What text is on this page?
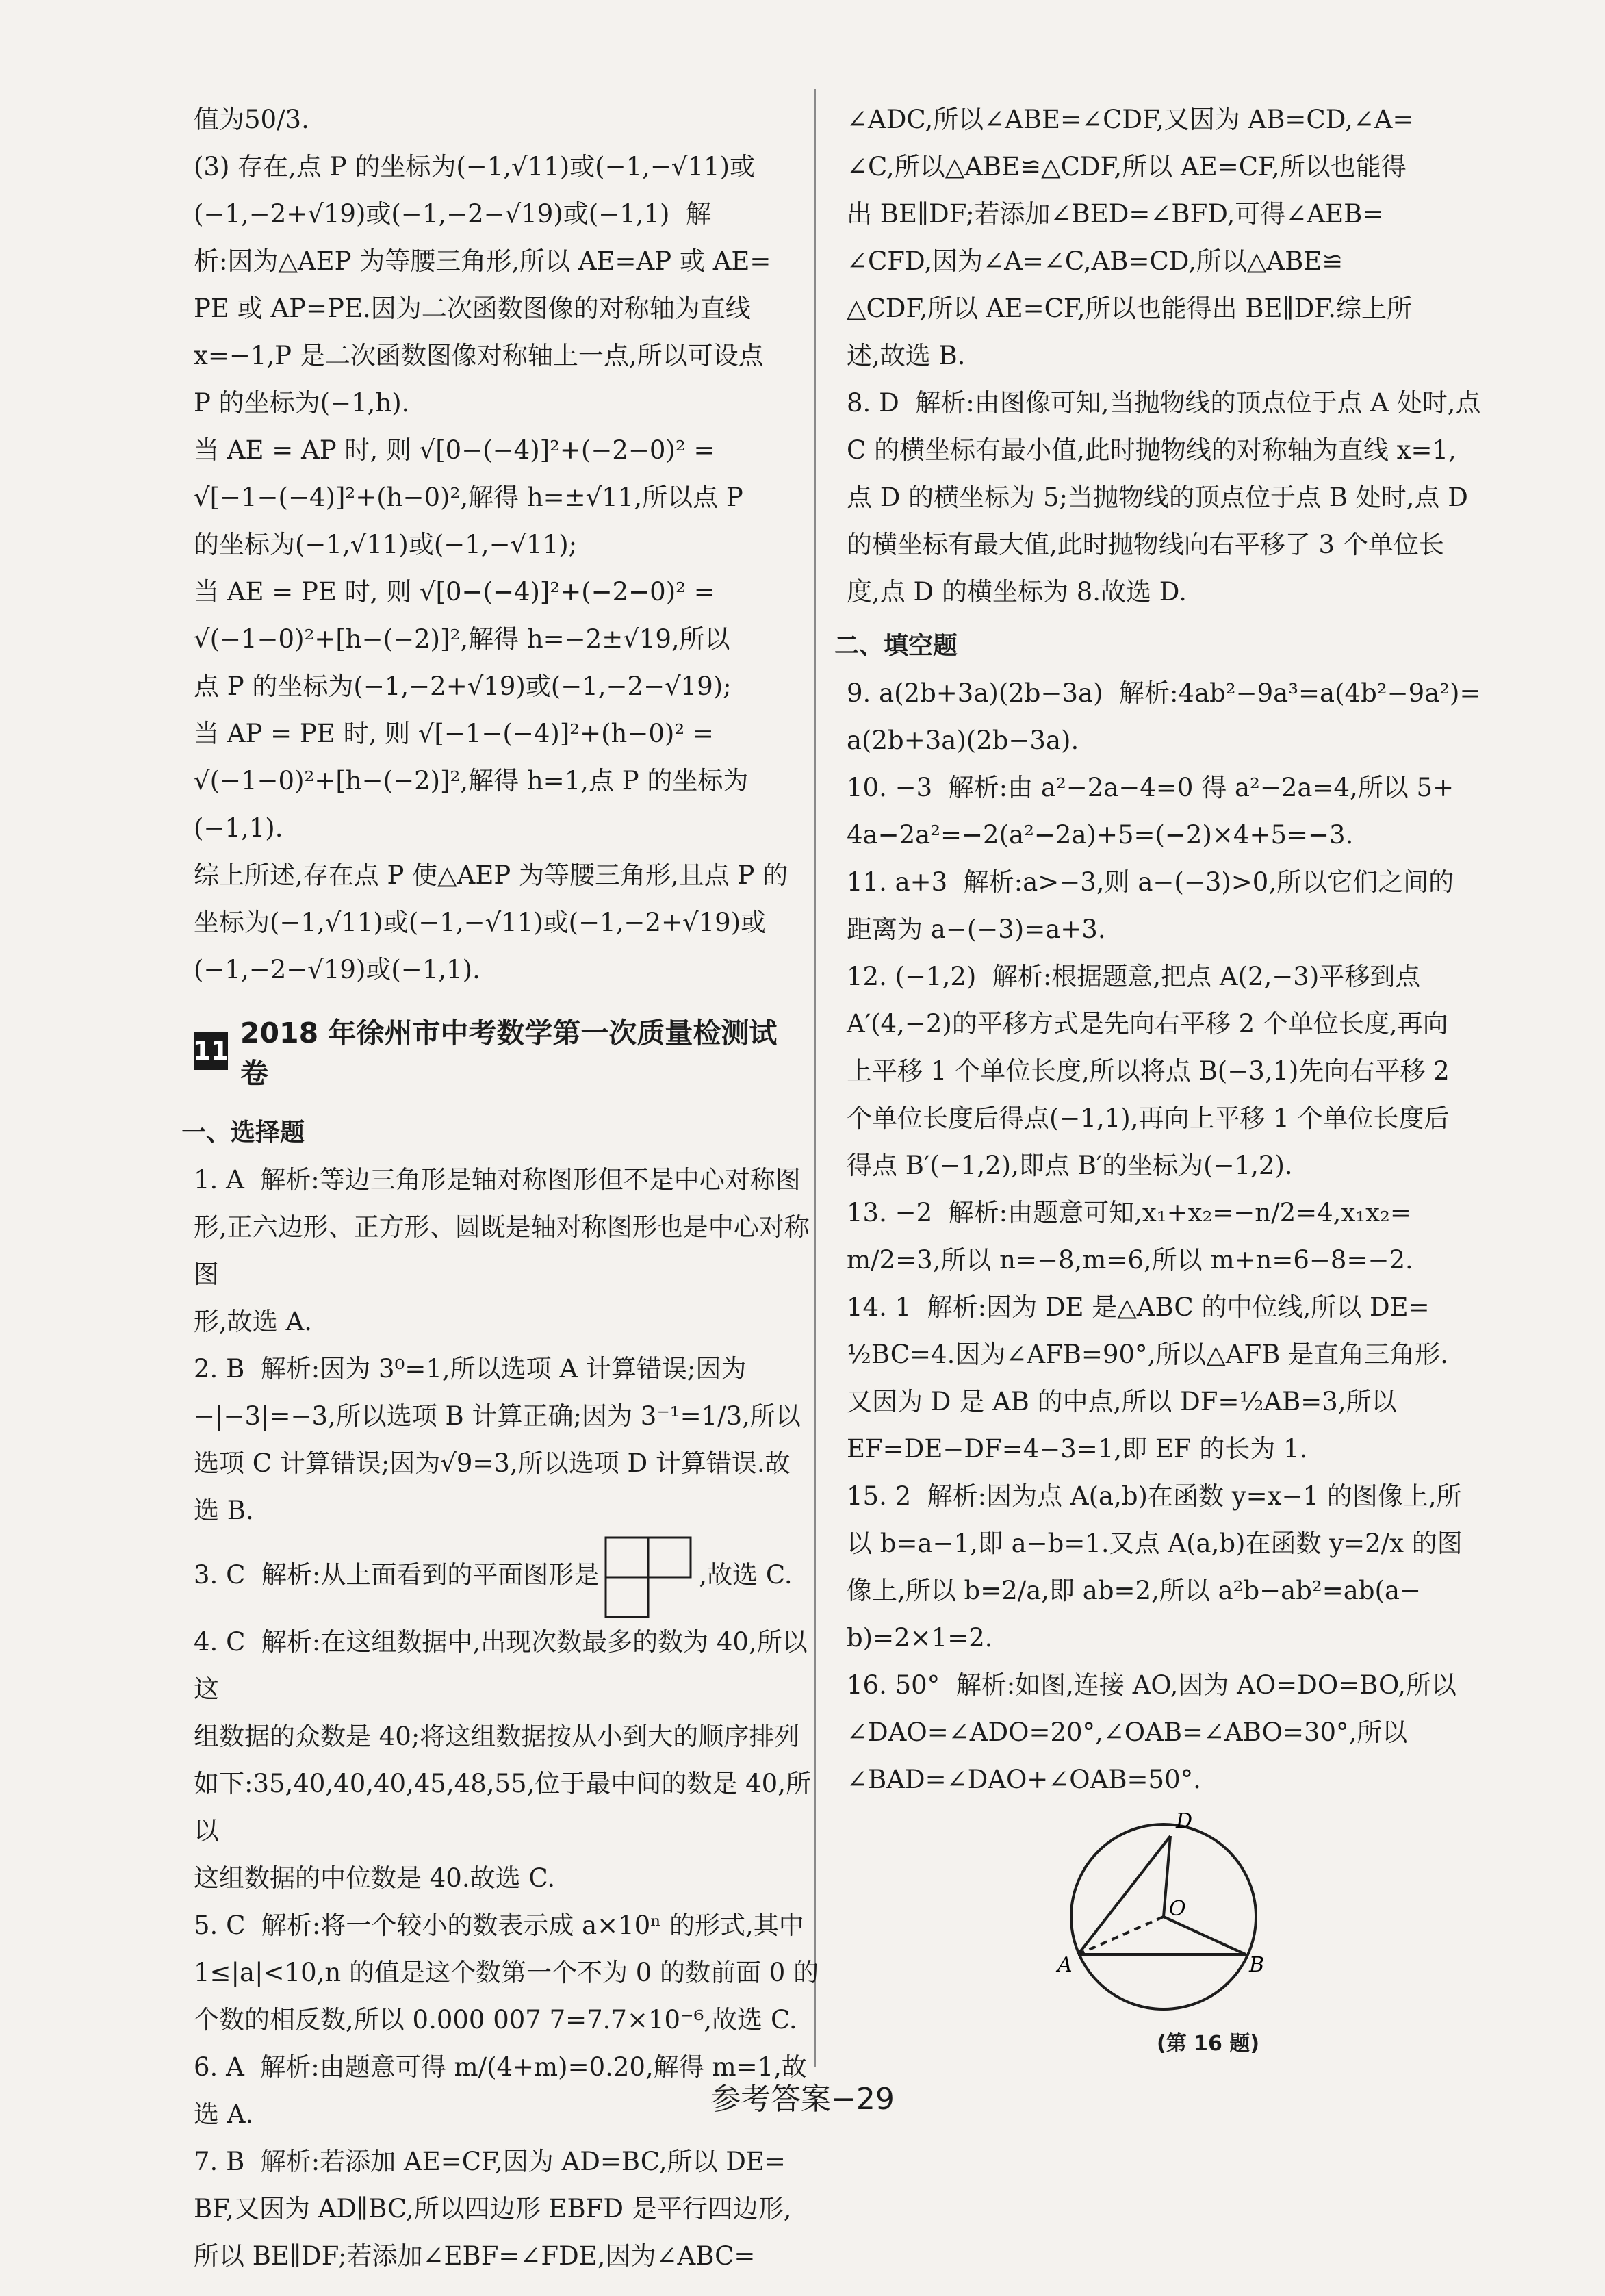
值为50/3.

(3) 存在,点 P 的坐标为(−1,√11)或(−1,−√11)或

(−1,−2+√19)或(−1,−2−√19)或(−1,1)  解

析:因为△AEP 为等腰三角形,所以 AE=AP 或 AE=

PE 或 AP=PE.因为二次函数图像的对称轴为直线

x=−1,P 是二次函数图像对称轴上一点,所以可设点

P 的坐标为(−1,h).

当 AE = AP 时, 则 √[0−(−4)]²+(−2−0)² =

√[−1−(−4)]²+(h−0)²,解得 h=±√11,所以点 P

的坐标为(−1,√11)或(−1,−√11);

当 AE = PE 时, 则 √[0−(−4)]²+(−2−0)² =

√(−1−0)²+[h−(−2)]²,解得 h=−2±√19,所以

点 P 的坐标为(−1,−2+√19)或(−1,−2−√19);

当 AP = PE 时, 则 √[−1−(−4)]²+(h−0)² =

√(−1−0)²+[h−(−2)]²,解得 h=1,点 P 的坐标为

(−1,1).

综上所述,存在点 P 使△AEP 为等腰三角形,且点 P 的

坐标为(−1,√11)或(−1,−√11)或(−1,−2+√19)或

(−1,−2−√19)或(−1,1).

11
2018 年徐州市中考数学第一次质量检测试卷
一、选择题

1. A  解析:等边三角形是轴对称图形但不是中心对称图

形,正六边形、正方形、圆既是轴对称图形也是中心对称图

形,故选 A.

2. B  解析:因为 3⁰=1,所以选项 A 计算错误;因为

−|−3|=−3,所以选项 B 计算正确;因为 3⁻¹=1/3,所以

选项 C 计算错误;因为√9=3,所以选项 D 计算错误.故

选 B.

3. C  解析:从上面看到的平面图形是	,故选 C.

4. C  解析:在这组数据中,出现次数最多的数为 40,所以这

组数据的众数是 40;将这组数据按从小到大的顺序排列

如下:35,40,40,40,45,48,55,位于最中间的数是 40,所以

这组数据的中位数是 40.故选 C.

5. C  解析:将一个较小的数表示成 a×10ⁿ 的形式,其中

1≤|a|<10,n 的值是这个数第一个不为 0 的数前面 0 的

个数的相反数,所以 0.000 007 7=7.7×10⁻⁶,故选 C.

6. A  解析:由题意可得 m/(4+m)=0.20,解得 m=1,故选 A.

7. B  解析:若添加 AE=CF,因为 AD=BC,所以 DE=

BF,又因为 AD∥BC,所以四边形 EBFD 是平行四边形,

所以 BE∥DF;若添加∠EBF=∠FDE,因为∠ABC=

∠ADC,所以∠ABE=∠CDF,又因为 AB=CD,∠A=

∠C,所以△ABE≌△CDF,所以 AE=CF,所以也能得

出 BE∥DF;若添加∠BED=∠BFD,可得∠AEB=

∠CFD,因为∠A=∠C,AB=CD,所以△ABE≌

△CDF,所以 AE=CF,所以也能得出 BE∥DF.综上所

述,故选 B.

8. D  解析:由图像可知,当抛物线的顶点位于点 A 处时,点

C 的横坐标有最小值,此时抛物线的对称轴为直线 x=1,

点 D 的横坐标为 5;当抛物线的顶点位于点 B 处时,点 D

的横坐标有最大值,此时抛物线向右平移了 3 个单位长

度,点 D 的横坐标为 8.故选 D.

二、填空题

9. a(2b+3a)(2b−3a)  解析:4ab²−9a³=a(4b²−9a²)=

a(2b+3a)(2b−3a).

10. −3  解析:由 a²−2a−4=0 得 a²−2a=4,所以 5+

4a−2a²=−2(a²−2a)+5=(−2)×4+5=−3.

11. a+3  解析:a>−3,则 a−(−3)>0,所以它们之间的

距离为 a−(−3)=a+3.

12. (−1,2)  解析:根据题意,把点 A(2,−3)平移到点

A′(4,−2)的平移方式是先向右平移 2 个单位长度,再向

上平移 1 个单位长度,所以将点 B(−3,1)先向右平移 2

个单位长度后得点(−1,1),再向上平移 1 个单位长度后

得点 B′(−1,2),即点 B′的坐标为(−1,2).

13. −2  解析:由题意可知,x₁+x₂=−n/2=4,x₁x₂=

m/2=3,所以 n=−8,m=6,所以 m+n=6−8=−2.

14. 1  解析:因为 DE 是△ABC 的中位线,所以 DE=

½BC=4.因为∠AFB=90°,所以△AFB 是直角三角形.

又因为 D 是 AB 的中点,所以 DF=½AB=3,所以

EF=DE−DF=4−3=1,即 EF 的长为 1.

15. 2  解析:因为点 A(a,b)在函数 y=x−1 的图像上,所

以 b=a−1,即 a−b=1.又点 A(a,b)在函数 y=2/x 的图

像上,所以 b=2/a,即 ab=2,所以 a²b−ab²=ab(a−

b)=2×1=2.

16. 50°  解析:如图,连接 AO,因为 AO=DO=BO,所以

∠DAO=∠ADO=20°,∠OAB=∠ABO=30°,所以

∠BAD=∠DAO+∠OAB=50°.

D
O
A	B
(第 16 题)
参考答案−29
